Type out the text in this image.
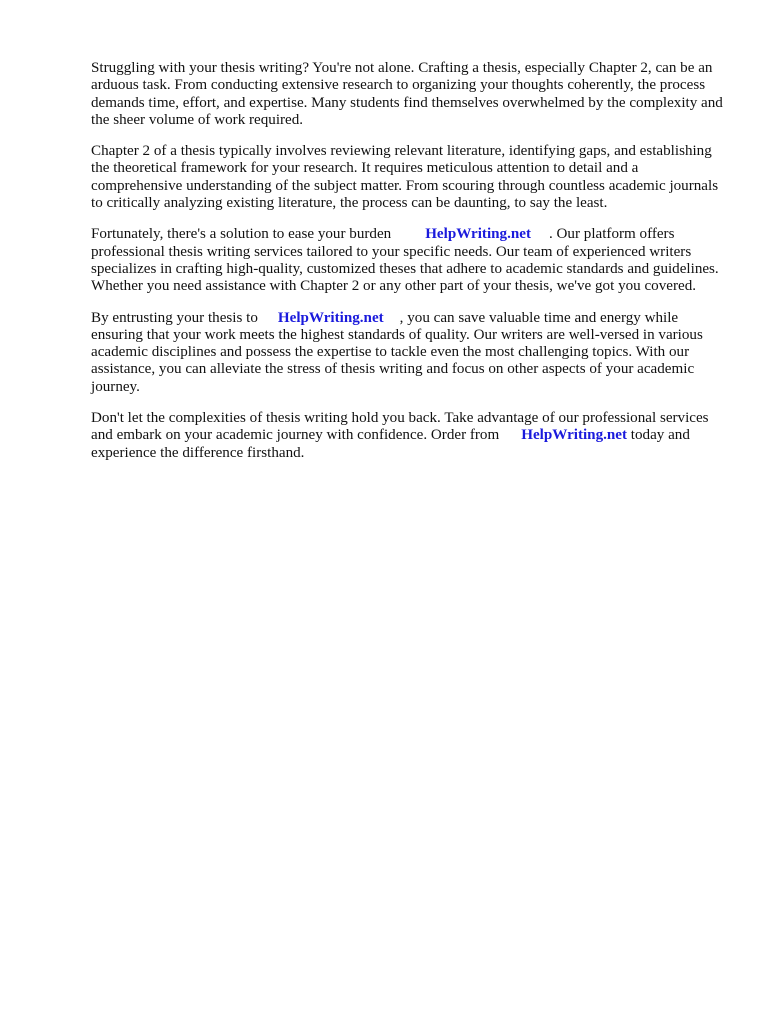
Struggling with your thesis writing? You're not alone. Crafting a thesis, especially Chapter 2, can be an arduous task. From conducting extensive research to organizing your thoughts coherently, the process demands time, effort, and expertise. Many students find themselves overwhelmed by the complexity and the sheer volume of work required.

Chapter 2 of a thesis typically involves reviewing relevant literature, identifying gaps, and establishing the theoretical framework for your research. It requires meticulous attention to detail and a comprehensive understanding of the subject matter. From scouring through countless academic journals to critically analyzing existing literature, the process can be daunting, to say the least.

Fortunately, there's a solution to ease your burden HelpWriting.net . Our platform offers professional thesis writing services tailored to your specific needs. Our team of experienced writers specializes in crafting high-quality, customized theses that adhere to academic standards and guidelines. Whether you need assistance with Chapter 2 or any other part of your thesis, we've got you covered.

By entrusting your thesis to HelpWriting.net , you can save valuable time and energy while ensuring that your work meets the highest standards of quality. Our writers are well-versed in various academic disciplines and possess the expertise to tackle even the most challenging topics. With our assistance, you can alleviate the stress of thesis writing and focus on other aspects of your academic journey.

Don't let the complexities of thesis writing hold you back. Take advantage of our professional services and embark on your academic journey with confidence. Order from HelpWriting.net today and experience the difference firsthand.
